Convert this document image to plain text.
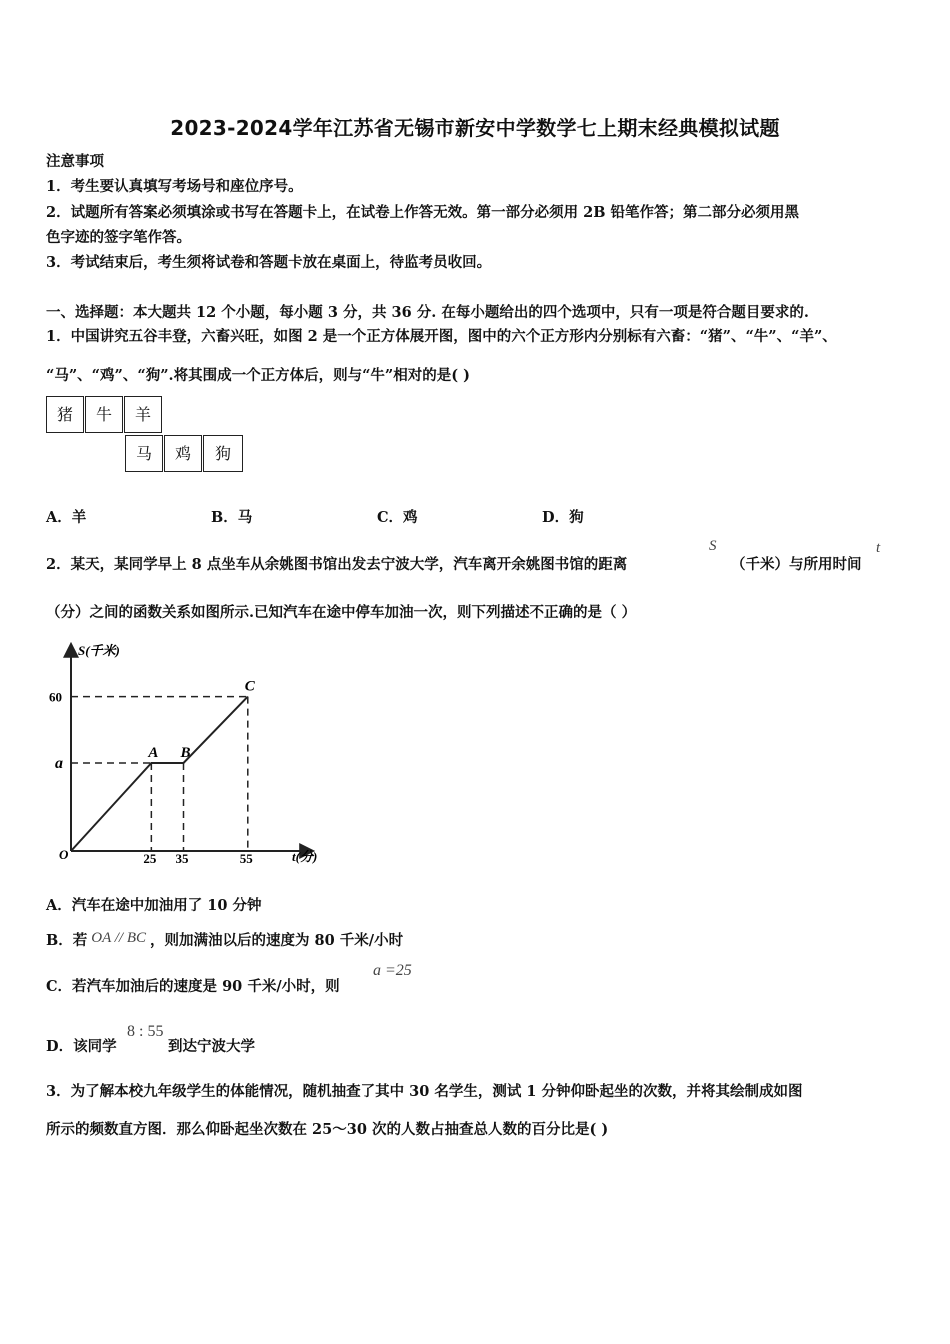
2023-2024学年江苏省无锡市新安中学数学七上期末经典模拟试题
注意事项
1．考生要认真填写考场号和座位序号。
2．试题所有答案必须填涂或书写在答题卡上，在试卷上作答无效。第一部分必须用 2B 铅笔作答；第二部分必须用黑
色字迹的签字笔作答。
3．考试结束后，考生须将试卷和答题卡放在桌面上，待监考员收回。
一、选择题：本大题共 12 个小题，每小题 3 分，共 36 分. 在每小题给出的四个选项中，只有一项是符合题目要求的.
1．中国讲究五谷丰登，六畜兴旺，如图 2 是一个正方体展开图，图中的六个正方形内分别标有六畜：“猪”、“牛”、“羊”、
“马”、“鸡”、“狗”.将其围成一个正方体后，则与“牛”相对的是( )
猪	牛	羊
马	鸡	狗
A．羊	B．马	C．鸡	D．狗
2．某天，某同学早上 8 点坐车从余姚图书馆出发去宁波大学，汽车离开余姚图书馆的距离
S
（千米）与所用时间
t
（分）之间的函数关系如图所示.已知汽车在途中停车加油一次，则下列描述不正确的是（ ）
A B
C
25 35	55
60
a
S(千米)
t(分)
O
A．汽车在途中加油用了 10 分钟
B．若 OA // BC ，则加满油以后的速度为 80 千米/小时
C．若汽车加油后的速度是 90 千米/小时，则
a =25
D．该同学
8 : 55
到达宁波大学
3．为了解本校九年级学生的体能情况，随机抽查了其中 30 名学生，测试 1 分钟仰卧起坐的次数，并将其绘制成如图
所示的频数直方图．那么仰卧起坐次数在 25～30 次的人数占抽查总人数的百分比是( )
